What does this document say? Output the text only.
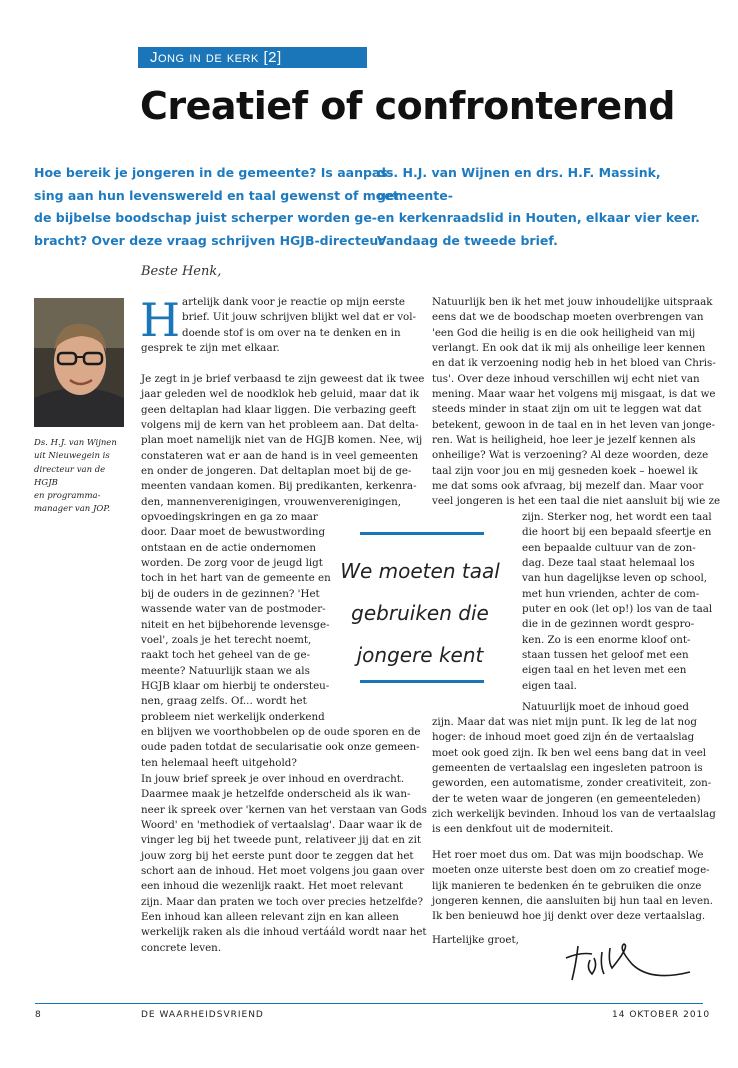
Jong in de kerk [2]
Creatief of confronterend
Hoe bereik je jongeren in de gemeente? Is aanpas-
sing aan hun levenswereld en taal gewenst of moet
de bijbelse boodschap juist scherper worden ge-
bracht? Over deze vraag schrijven HGJB-directeur
ds. H.J. van Wijnen en drs. H.F. Massink, gemeente-
en kerkenraadslid in Houten, elkaar vier keer.
Vandaag de tweede brief.
Beste Henk,
Ds. H.J. van Wijnen
uit Nieuwegein is
directeur van de HGJB
en programma-
manager van JOP.
H artelijk dank voor je reactie op mijn eerste

brief. Uit jouw schrijven blijkt wel dat er vol-

doende stof is om over na te denken en in

gesprek te zijn met elkaar.

Je zegt in je brief verbaasd te zijn geweest dat ik twee

jaar geleden wel de noodklok heb geluid, maar dat ik

geen deltaplan had klaar liggen. Die verbazing geeft

volgens mij de kern van het probleem aan. Dat delta-

plan moet namelijk niet van de HGJB komen. Nee, wij

constateren wat er aan de hand is in veel gemeenten

en onder de jongeren. Dat deltaplan moet bij de ge-

meenten vandaan komen. Bij predikanten, kerkenra-

den, mannenverenigingen, vrouwenverenigingen,

opvoedingskringen en ga zo maar

door. Daar moet de bewustwording

ontstaan en de actie ondernomen

worden. De zorg voor de jeugd ligt

toch in het hart van de gemeente en

bij de ouders in de gezinnen? 'Het

wassende water van de postmoder-

niteit en het bijbehorende levensge-

voel', zoals je het terecht noemt,

raakt toch het geheel van de ge-

meente? Natuurlijk staan we als

HGJB klaar om hierbij te ondersteu-

nen, graag zelfs. Of... wordt het

probleem niet werkelijk onderkend

en blijven we voorthobbelen op de oude sporen en de

oude paden totdat de secularisatie ook onze gemeen-

ten helemaal heeft uitgehold?

In jouw brief spreek je over inhoud en overdracht.

Daarmee maak je hetzelfde onderscheid als ik wan-

neer ik spreek over 'kernen van het verstaan van Gods

Woord' en 'methodiek of vertaalslag'. Daar waar ik de

vinger leg bij het tweede punt, relativeer jij dat en zit

jouw zorg bij het eerste punt door te zeggen dat het

schort aan de inhoud. Het moet volgens jou gaan over

een inhoud die wezenlijk raakt. Het moet relevant

zijn. Maar dan praten we toch over precies hetzelfde?

Een inhoud kan alleen relevant zijn en kan alleen

werkelijk raken als die inhoud vertááld wordt naar het

concrete leven.

Natuurlijk ben ik het met jouw inhoudelijke uitspraak

eens dat we de boodschap moeten overbrengen van

'een God die heilig is en die ook heiligheid van mij

verlangt. En ook dat ik mij als onheilige leer kennen

en dat ik verzoening nodig heb in het bloed van Chris-

tus'. Over deze inhoud verschillen wij echt niet van

mening. Maar waar het volgens mij misgaat, is dat we

steeds minder in staat zijn om uit te leggen wat dat

betekent, gewoon in de taal en in het leven van jonge-

ren. Wat is heiligheid, hoe leer je jezelf kennen als

onheilige? Wat is verzoening? Al deze woorden, deze

taal zijn voor jou en mij gesneden koek – hoewel ik

me dat soms ook afvraag, bij mezelf dan. Maar voor

veel jongeren is het een taal die niet aansluit bij wie ze

zijn. Sterker nog, het wordt een taal

die hoort bij een bepaald sfeertje en

een bepaalde cultuur van de zon-

dag. Deze taal staat helemaal los

van hun dagelijkse leven op school,

met hun vrienden, achter de com-

puter en ook (let op!) los van de taal

die in de gezinnen wordt gespro-

ken. Zo is een enorme kloof ont-

staan tussen het geloof met een

eigen taal en het leven met een

eigen taal.

Natuurlijk moet de inhoud goed

zijn. Maar dat was niet mijn punt. Ik leg de lat nog

hoger: de inhoud moet goed zijn én de vertaalslag

moet ook goed zijn. Ik ben wel eens bang dat in veel

gemeenten de vertaalslag een ingesleten patroon is

geworden, een automatisme, zonder creativiteit, zon-

der te weten waar de jongeren (en gemeenteleden)

zich werkelijk bevinden. Inhoud los van de vertaalslag

is een denkfout uit de moderniteit.

Het roer moet dus om. Dat was mijn boodschap. We

moeten onze uiterste best doen om zo creatief moge-

lijk manieren te bedenken én te gebruiken die onze

jongeren kennen, die aansluiten bij hun taal en leven.

Ik ben benieuwd hoe jij denkt over deze vertaalslag.

Hartelijke groet,

We moeten taal
gebruiken die
jongere kent
8	DE WAARHEIDSVRIEND	14 OKTOBER 2010
